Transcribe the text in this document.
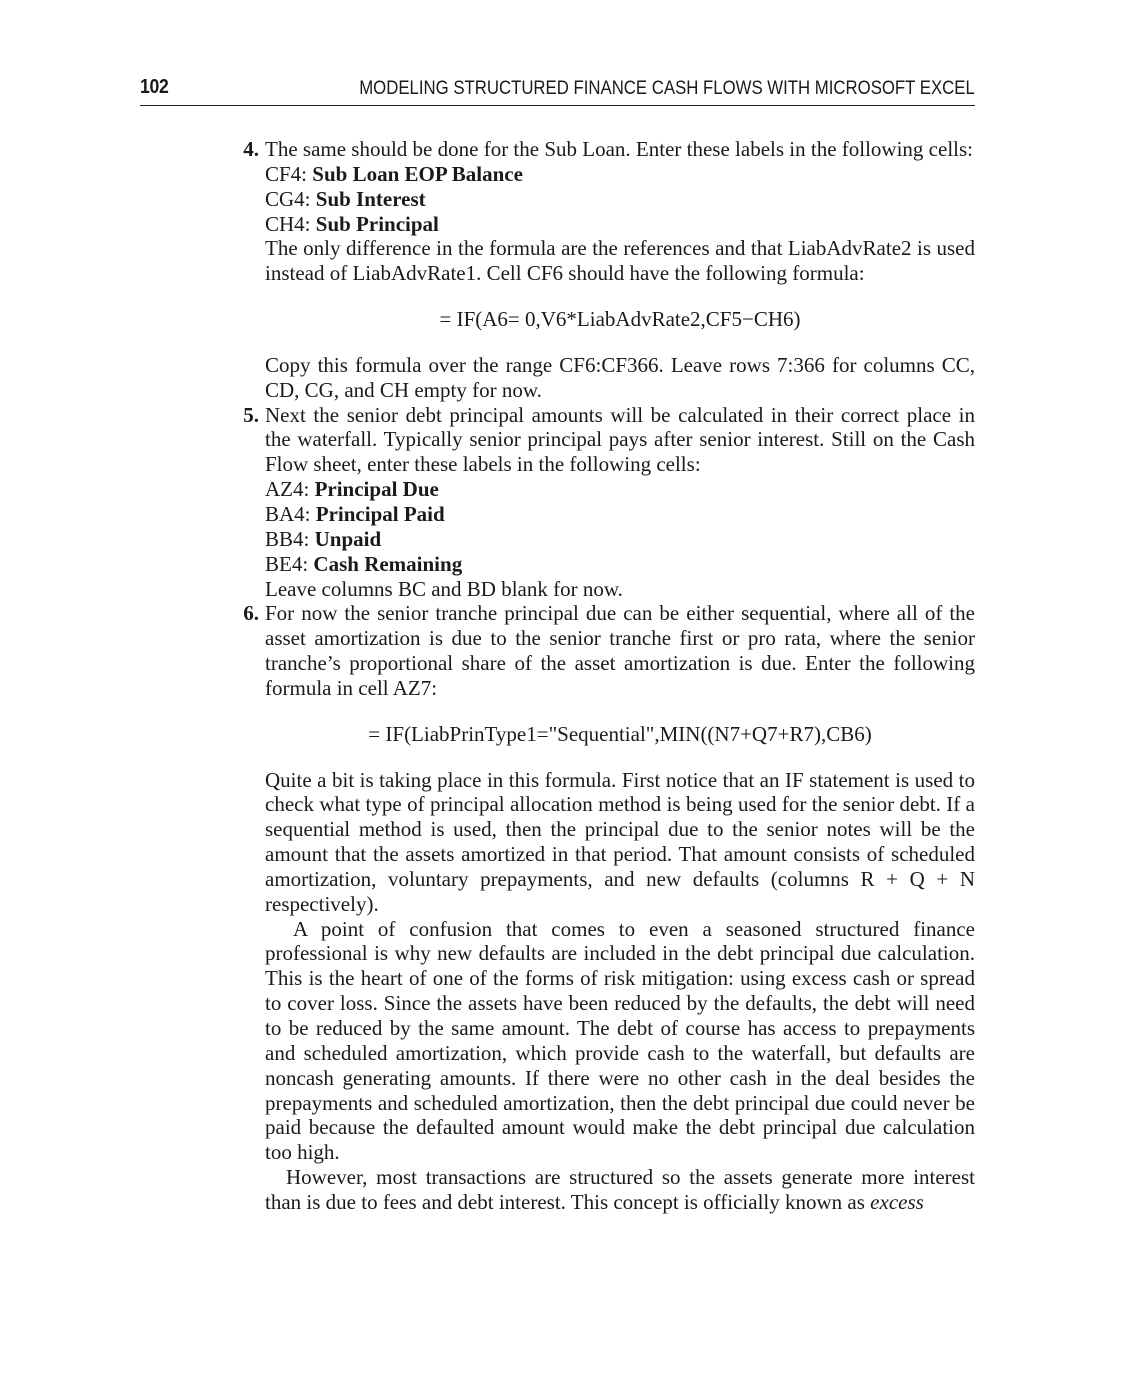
102	MODELING STRUCTURED FINANCE CASH FLOWS WITH MICROSOFT EXCEL
4. The same should be done for the Sub Loan. Enter these labels in the following cells:

CF4: Sub Loan EOP Balance
CG4: Sub Interest
CH4: Sub Principal

The only difference in the formula are the references and that LiabAdvRate2 is used instead of LiabAdvRate1. Cell CF6 should have the following formula:

= IF(A6= 0,V6*LiabAdvRate2,CF5−CH6)

Copy this formula over the range CF6:CF366. Leave rows 7:366 for columns CC, CD, CG, and CH empty for now.

5. Next the senior debt principal amounts will be calculated in their correct place in the waterfall. Typically senior principal pays after senior interest. Still on the Cash Flow sheet, enter these labels in the following cells:

AZ4: Principal Due
BA4: Principal Paid
BB4: Unpaid
BE4: Cash Remaining

Leave columns BC and BD blank for now.

6. For now the senior tranche principal due can be either sequential, where all of the asset amortization is due to the senior tranche first or pro rata, where the senior tranche’s proportional share of the asset amortization is due. Enter the following formula in cell AZ7:

= IF(LiabPrinType1="Sequential",MIN((N7+Q7+R7),CB6)

Quite a bit is taking place in this formula. First notice that an IF statement is used to check what type of principal allocation method is being used for the senior debt. If a sequential method is used, then the principal due to the senior notes will be the amount that the assets amortized in that period. That amount consists of scheduled amortization, voluntary prepayments, and new defaults (columns R + Q + N respectively).

A point of confusion that comes to even a seasoned structured finance professional is why new defaults are included in the debt principal due calculation. This is the heart of one of the forms of risk mitigation: using excess cash or spread to cover loss. Since the assets have been reduced by the defaults, the debt will need to be reduced by the same amount. The debt of course has access to prepayments and scheduled amortization, which provide cash to the waterfall, but defaults are noncash generating amounts. If there were no other cash in the deal besides the prepayments and scheduled amortization, then the debt principal due could never be paid because the defaulted amount would make the debt principal due calculation too high.

However, most transactions are structured so the assets generate more interest than is due to fees and debt interest. This concept is officially known as excess
